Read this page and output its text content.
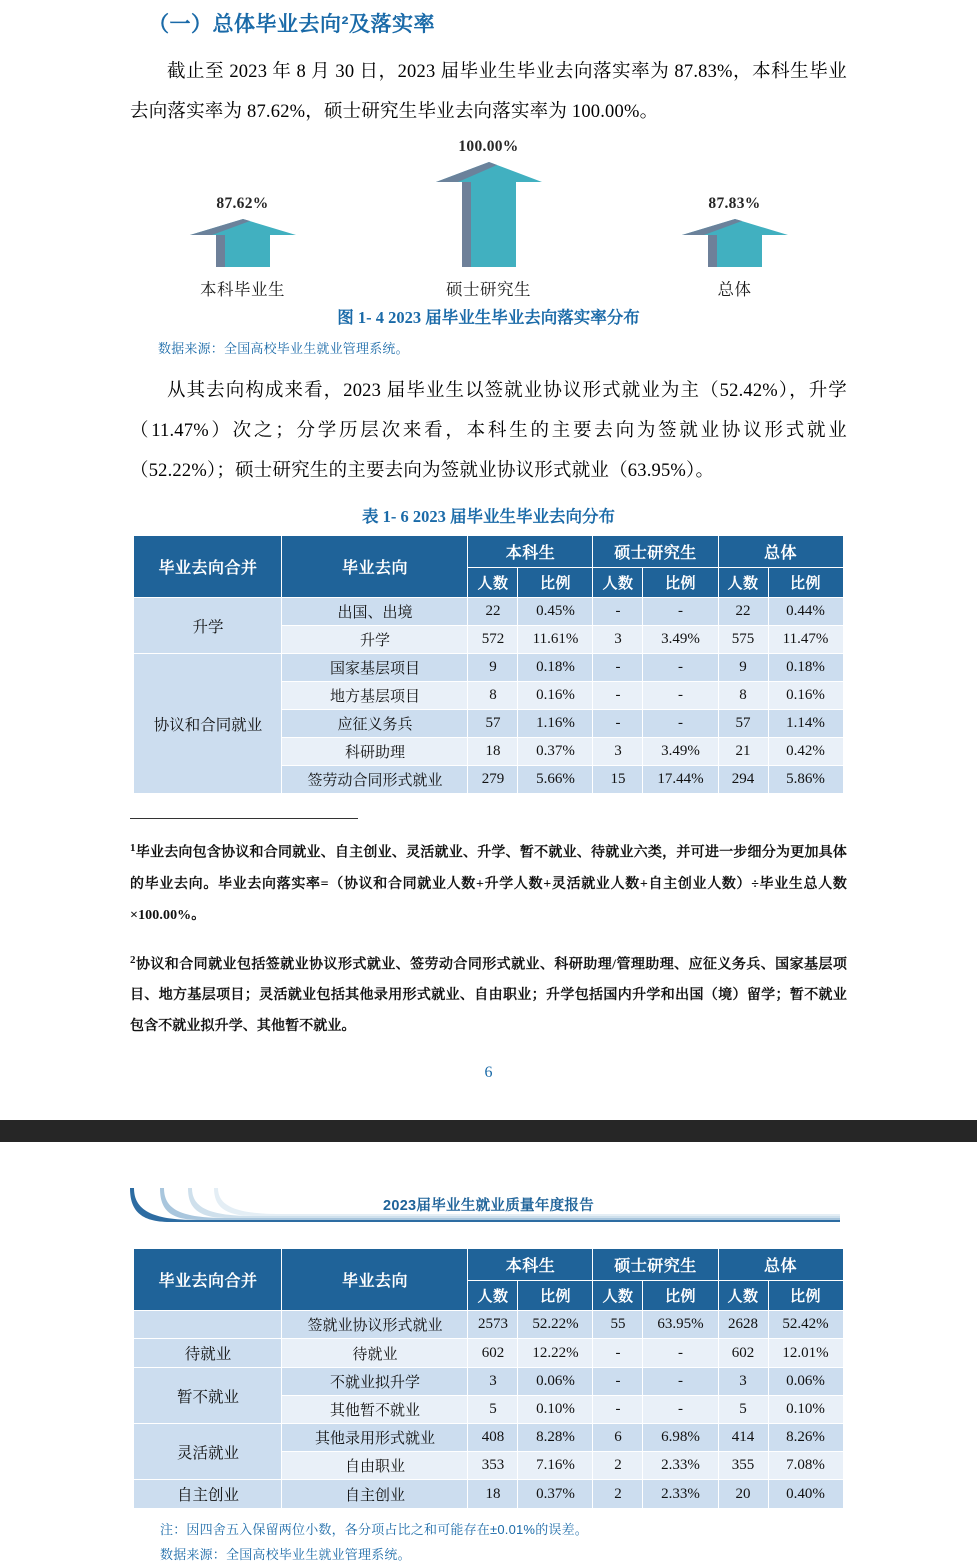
（一）总体毕业去向²及落实率

截止至 2023 年 8 月 30 日，2023 届毕业生毕业去向落实率为 87.83%，本科生毕业去向落实率为 87.62%，硕士研究生毕业去向落实率为 100.00%。

87.62%
本科毕业生
100.00%
硕士研究生
87.83%
总体
图 1- 4 2023 届毕业生毕业去向落实率分布
数据来源：全国高校毕业生就业管理系统。

从其去向构成来看，2023 届毕业生以签就业协议形式就业为主（52.42%），升学（11.47%）次之；分学历层次来看，本科生的主要去向为签就业协议形式就业（52.22%）；硕士研究生的主要去向为签就业协议形式就业（63.95%）。

表 1- 6 2023 届毕业生毕业去向分布
毕业去向合并	毕业去向	本科生		硕士研究生		总体	
		人数	比例	人数	比例	人数	比例
升学	出国、出境	22	0.45%	-	-	22	0.44%
	升学	572	11.61%	3	3.49%	575	11.47%
协议和合同就业	国家基层项目	9	0.18%	-	-	9	0.18%
	地方基层项目	8	0.16%	-	-	8	0.16%
	应征义务兵	57	1.16%	-	-	57	1.14%
	科研助理	18	0.37%	3	3.49%	21	0.42%
	签劳动合同形式就业	279	5.66%	15	17.44%	294	5.86%

$^1$毕业去向包含协议和合同就业、自主创业、灵活就业、升学、暂不就业、待就业六类，并可进一步细分为更加具体的毕业去向。毕业去向落实率=（协议和合同就业人数+升学人数+灵活就业人数+自主创业人数）÷毕业生总人数×100.00%。

$^2$协议和合同就业包括签就业协议形式就业、签劳动合同形式就业、科研助理/管理助理、应征义务兵、国家基层项目、地方基层项目；灵活就业包括其他录用形式就业、自由职业；升学包括国内升学和出国（境）留学；暂不就业包含不就业拟升学、其他暂不就业。

6
2023届毕业生就业质量年度报告
毕业去向合并	毕业去向	本科生		硕士研究生		总体	
		人数	比例	人数	比例	人数	比例
	签就业协议形式就业	2573	52.22%	55	63.95%	2628	52.42%
待就业	待就业	602	12.22%	-	-	602	12.01%
暂不就业	不就业拟升学	3	0.06%	-	-	3	0.06%
	其他暂不就业	5	0.10%	-	-	5	0.10%
灵活就业	其他录用形式就业	408	8.28%	6	6.98%	414	8.26%
	自由职业	353	7.16%	2	2.33%	355	7.08%
自主创业	自主创业	18	0.37%	2	2.33%	20	0.40%
注：因四舍五入保留两位小数，各分项占比之和可能存在±0.01%的误差。
数据来源：全国高校毕业生就业管理系统。
